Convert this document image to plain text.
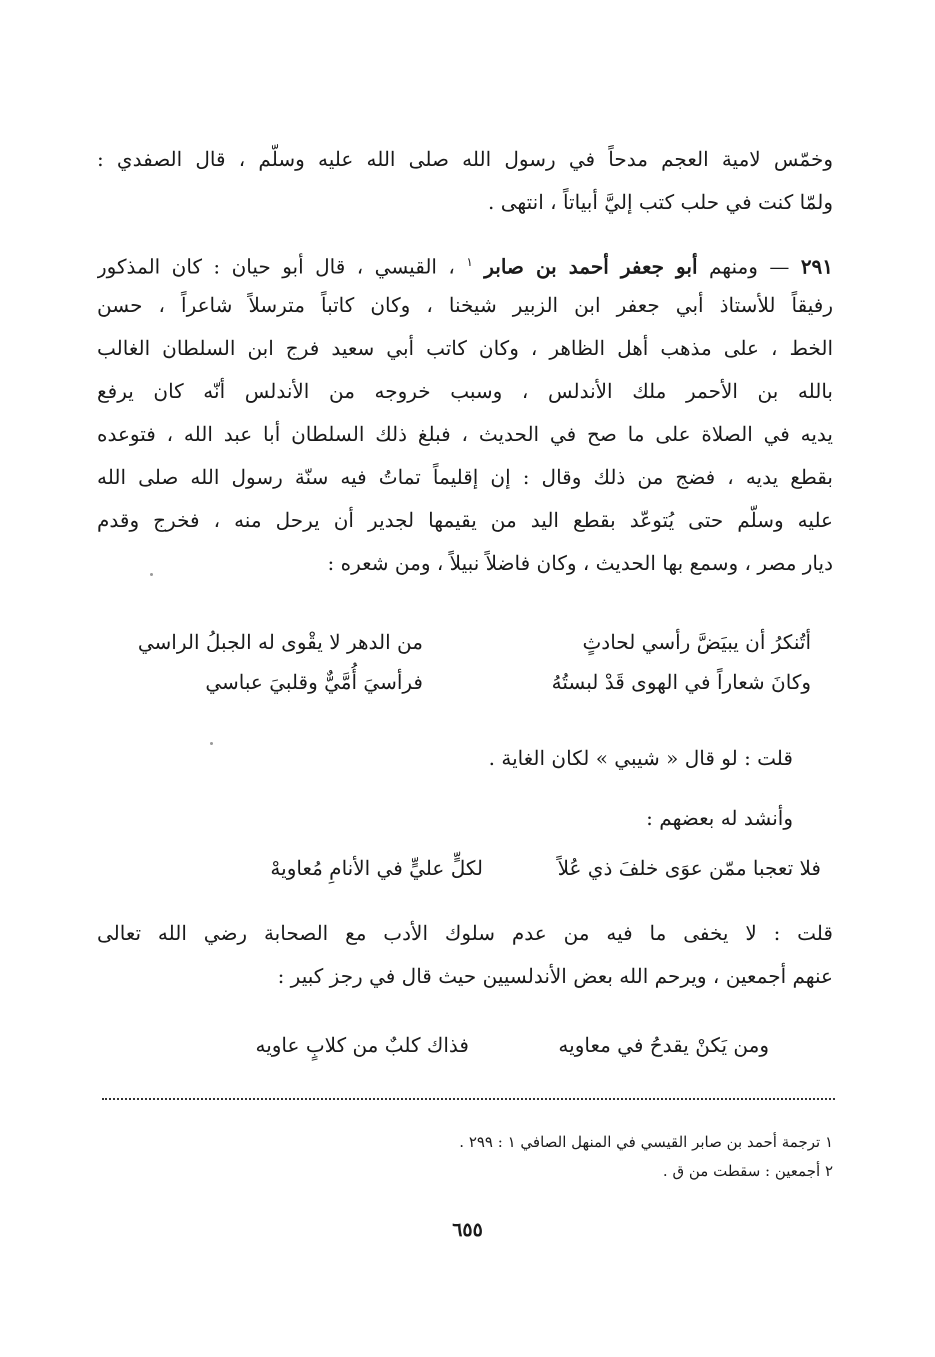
وخمّس لامية العجم مدحاً في رسول الله صلى الله عليه وسلّم ، قال الصفدي :
ولمّا كنت في حلب كتب إليَّ أبياتاً ، انتهى .
٢٩١ — ومنهم أبو جعفر أحمد بن صابر $^١$ ، القيسي ، قال أبو حيان : كان المذكور
رفيقاً للأستاذ أبي جعفر ابن الزبير شيخنا ، وكان كاتباً مترسلاً شاعراً ، حسن
الخط ، على مذهب أهل الظاهر ، وكان كاتب أبي سعيد فرج ابن السلطان الغالب
بالله بن الأحمر ملك الأندلس ، وسبب خروجه من الأندلس أنّه كان يرفع
يديه في الصلاة على ما صح في الحديث ، فبلغ ذلك السلطان أبا عبد الله ، فتوعده
بقطع يديه ، فضج من ذلك وقال : إن إقليماً تماتُ فيه سنّة رسول الله صلى الله
عليه وسلّم حتى يُتوعّد بقطع اليد من يقيمها لجدير أن يرحل منه ، فخرج وقدم
ديار مصر ، وسمع بها الحديث ، وكان فاضلاً نبيلاً ، ومن شعره :
أتُنكرُ أن يبيَضَّ رأسي لحادثٍ
من الدهر لا يقْوى له الجبلُ الراسي
وكانَ شعاراً في الهوى قَدْ لبستُهُ
فرأسيَ أُمَّيٌّ وقلبيَ عباسي
قلت : لو قال « شيبي » لكان الغاية .
وأنشد له بعضهم :
فلا تعجبا ممّن عوَى خلفَ ذي عُلاً
لكلٍّ عليٍّ في الأنامِ مُعاويهْ
قلت : لا يخفى ما فيه من عدم سلوك الأدب مع الصحابة رضي الله تعالى
عنهم أجمعين ، ويرحم الله بعض الأندلسيين حيث قال في رجز كبير :
ومن يَكنْ يقدحُ في معاويه
فذاك كلبٌ من كلابٍ عاويه
١ ترجمة أحمد بن صابر القيسي في المنهل الصافي ١ : ٢٩٩ .
٢ أجمعين : سقطت من ق .
٦٥٥
